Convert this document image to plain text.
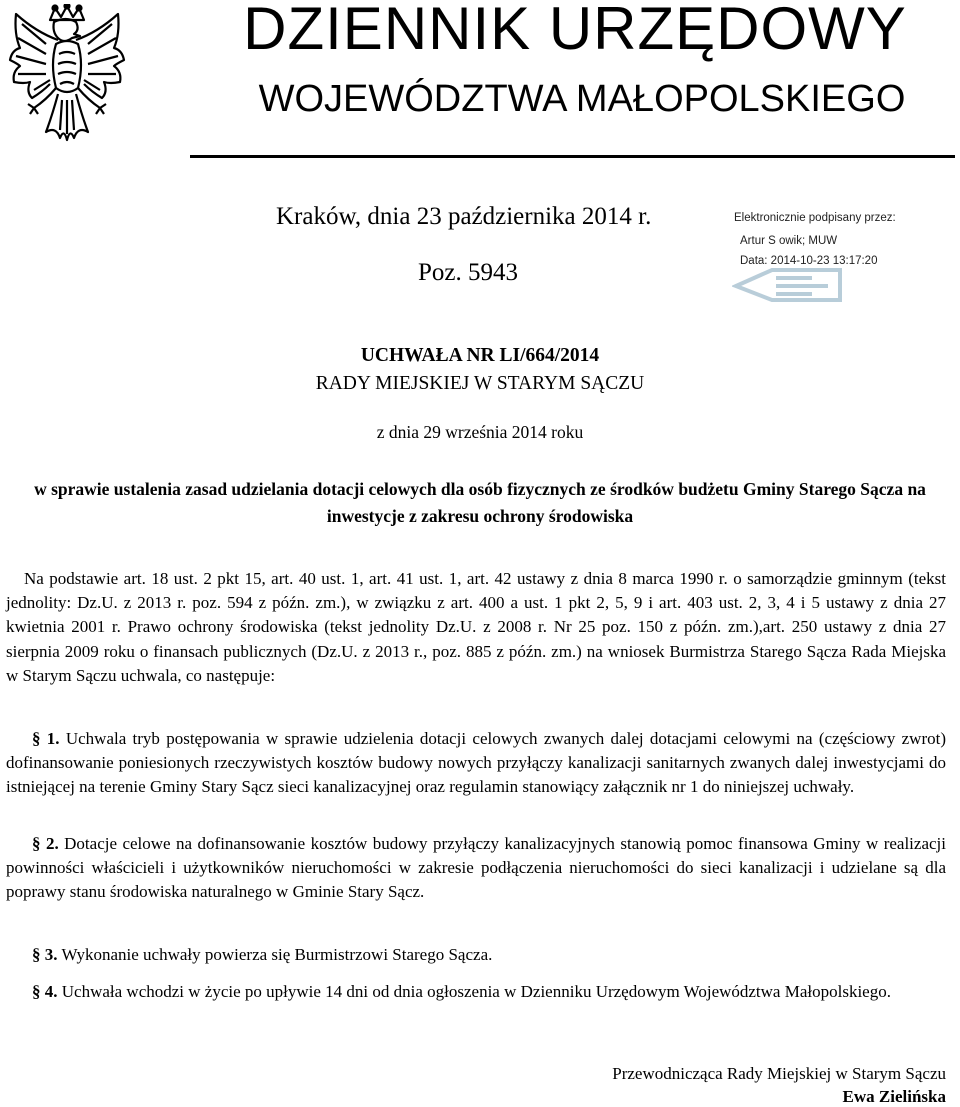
DZIENNIK URZĘDOWY
WOJEWÓDZTWA MAŁOPOLSKIEGO
Kraków, dnia 23 października 2014 r.
Poz. 5943
Elektronicznie podpisany przez:
Artur S owik; MUW
Data: 2014-10-23 13:17:20
UCHWAŁA NR LI/664/2014
RADY MIEJSKIEJ W STARYM SĄCZU
z dnia 29 września 2014 roku
w sprawie ustalenia zasad udzielania dotacji celowych dla osób fizycznych ze środków budżetu Gminy Starego Sącza na inwestycje z zakresu ochrony środowiska
Na podstawie art. 18 ust. 2 pkt 15, art. 40 ust. 1, art. 41 ust. 1, art. 42 ustawy z dnia 8 marca 1990 r. o samorządzie gminnym (tekst jednolity: Dz.U. z 2013 r. poz. 594 z późn. zm.), w związku z art. 400 a ust. 1 pkt 2, 5, 9 i art. 403 ust. 2, 3, 4 i 5 ustawy z dnia 27 kwietnia 2001 r. Prawo ochrony środowiska (tekst jednolity Dz.U. z 2008 r. Nr 25 poz. 150 z późn. zm.),art. 250 ustawy z dnia 27 sierpnia 2009 roku o finansach publicznych (Dz.U. z 2013 r., poz. 885 z późn. zm.) na wniosek Burmistrza Starego Sącza Rada Miejska w Starym Sączu uchwala, co następuje:
§ 1. Uchwala tryb postępowania w sprawie udzielenia dotacji celowych zwanych dalej dotacjami celowymi na (częściowy zwrot) dofinansowanie poniesionych rzeczywistych kosztów budowy nowych przyłączy kanalizacji sanitarnych zwanych dalej inwestycjami do istniejącej na terenie Gminy Stary Sącz sieci kanalizacyjnej oraz regulamin stanowiący załącznik nr 1 do niniejszej uchwały.
§ 2. Dotacje celowe na dofinansowanie kosztów budowy przyłączy kanalizacyjnych stanowią pomoc finansowa Gminy w realizacji powinności właścicieli i użytkowników nieruchomości w zakresie podłączenia nieruchomości do sieci kanalizacji i udzielane są dla poprawy stanu środowiska naturalnego w Gminie Stary Sącz.
§ 3. Wykonanie uchwały powierza się Burmistrzowi Starego Sącza.
§ 4. Uchwała wchodzi w życie po upływie 14 dni od dnia ogłoszenia w Dzienniku Urzędowym Województwa Małopolskiego.
Przewodnicząca Rady Miejskiej w Starym Sączu
Ewa Zielińska
